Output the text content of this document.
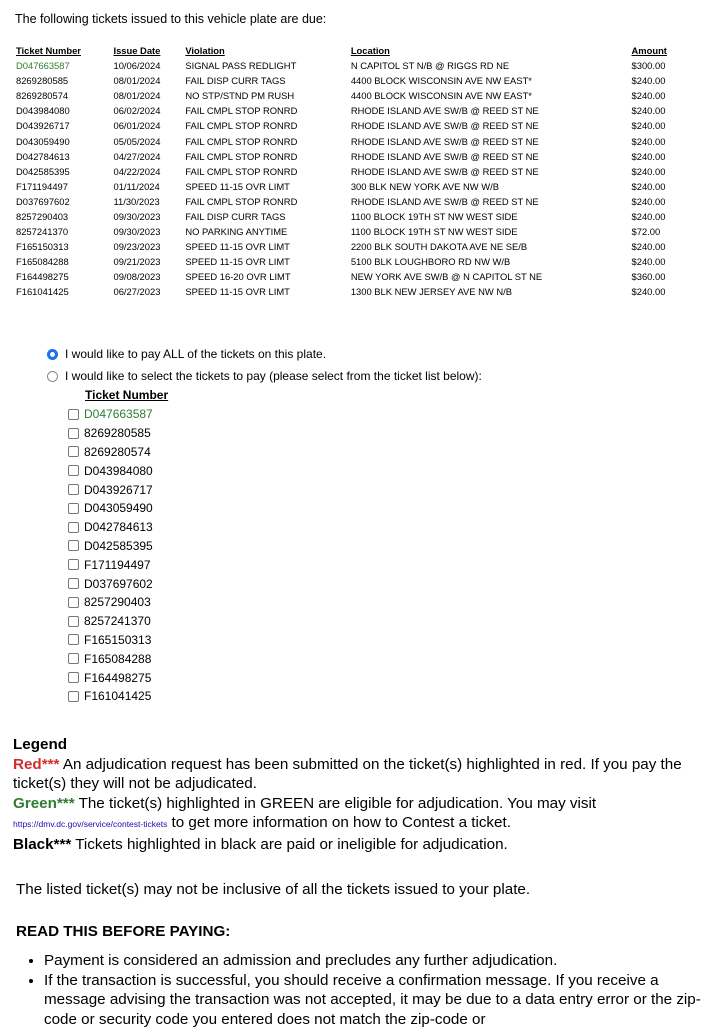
The following tickets issued to this vehicle plate are due:
Ticket Number	Issue Date	Violation	Location	Amount
D047663587	10/06/2024	SIGNAL PASS REDLIGHT	N CAPITOL ST N/B @ RIGGS RD NE	$300.00
8269280585	08/01/2024	FAIL DISP CURR TAGS	4400 BLOCK WISCONSIN AVE NW EAST*	$240.00
8269280574	08/01/2024	NO STP/STND PM RUSH	4400 BLOCK WISCONSIN AVE NW EAST*	$240.00
D043984080	06/02/2024	FAIL CMPL STOP RONRD	RHODE ISLAND AVE SW/B @ REED ST NE	$240.00
D043926717	06/01/2024	FAIL CMPL STOP RONRD	RHODE ISLAND AVE SW/B @ REED ST NE	$240.00
D043059490	05/05/2024	FAIL CMPL STOP RONRD	RHODE ISLAND AVE SW/B @ REED ST NE	$240.00
D042784613	04/27/2024	FAIL CMPL STOP RONRD	RHODE ISLAND AVE SW/B @ REED ST NE	$240.00
D042585395	04/22/2024	FAIL CMPL STOP RONRD	RHODE ISLAND AVE SW/B @ REED ST NE	$240.00
F171194497	01/11/2024	SPEED 11-15 OVR LIMT	300 BLK NEW YORK AVE NW W/B	$240.00
D037697602	11/30/2023	FAIL CMPL STOP RONRD	RHODE ISLAND AVE SW/B @ REED ST NE	$240.00
8257290403	09/30/2023	FAIL DISP CURR TAGS	1100 BLOCK 19TH ST NW WEST SIDE	$240.00
8257241370	09/30/2023	NO PARKING ANYTIME	1100 BLOCK 19TH ST NW WEST SIDE	$72.00
F165150313	09/23/2023	SPEED 11-15 OVR LIMT	2200 BLK SOUTH DAKOTA AVE NE SE/B	$240.00
F165084288	09/21/2023	SPEED 11-15 OVR LIMT	5100 BLK LOUGHBORO RD NW W/B	$240.00
F164498275	09/08/2023	SPEED 16-20 OVR LIMT	NEW YORK AVE SW/B @ N CAPITOL ST NE	$360.00
F161041425	06/27/2023	SPEED 11-15 OVR LIMT	1300 BLK NEW JERSEY AVE NW N/B	$240.00
I would like to pay ALL of the tickets on this plate.
I would like to select the tickets to pay (please select from the ticket list below):
Ticket Number
D047663587
8269280585
8269280574
D043984080
D043926717
D043059490
D042784613
D042585395
F171194497
D037697602
8257290403
8257241370
F165150313
F165084288
F164498275
F161041425
Legend
Red*** An adjudication request has been submitted on the ticket(s) highlighted in red. If you pay the ticket(s) they will not be adjudicated.
Green*** The ticket(s) highlighted in GREEN are eligible for adjudication. You may visit https://dmv.dc.gov/service/contest-tickets to get more information on how to Contest a ticket.
Black*** Tickets highlighted in black are paid or ineligible for adjudication.
The listed ticket(s) may not be inclusive of all the tickets issued to your plate.
READ THIS BEFORE PAYING:
• Payment is considered an admission and precludes any further adjudication.
• If the transaction is successful, you should receive a confirmation message. If you receive a message advising the transaction was not accepted, it may be due to a data entry error or the zip-code or security code you entered does not match the zip-code or
